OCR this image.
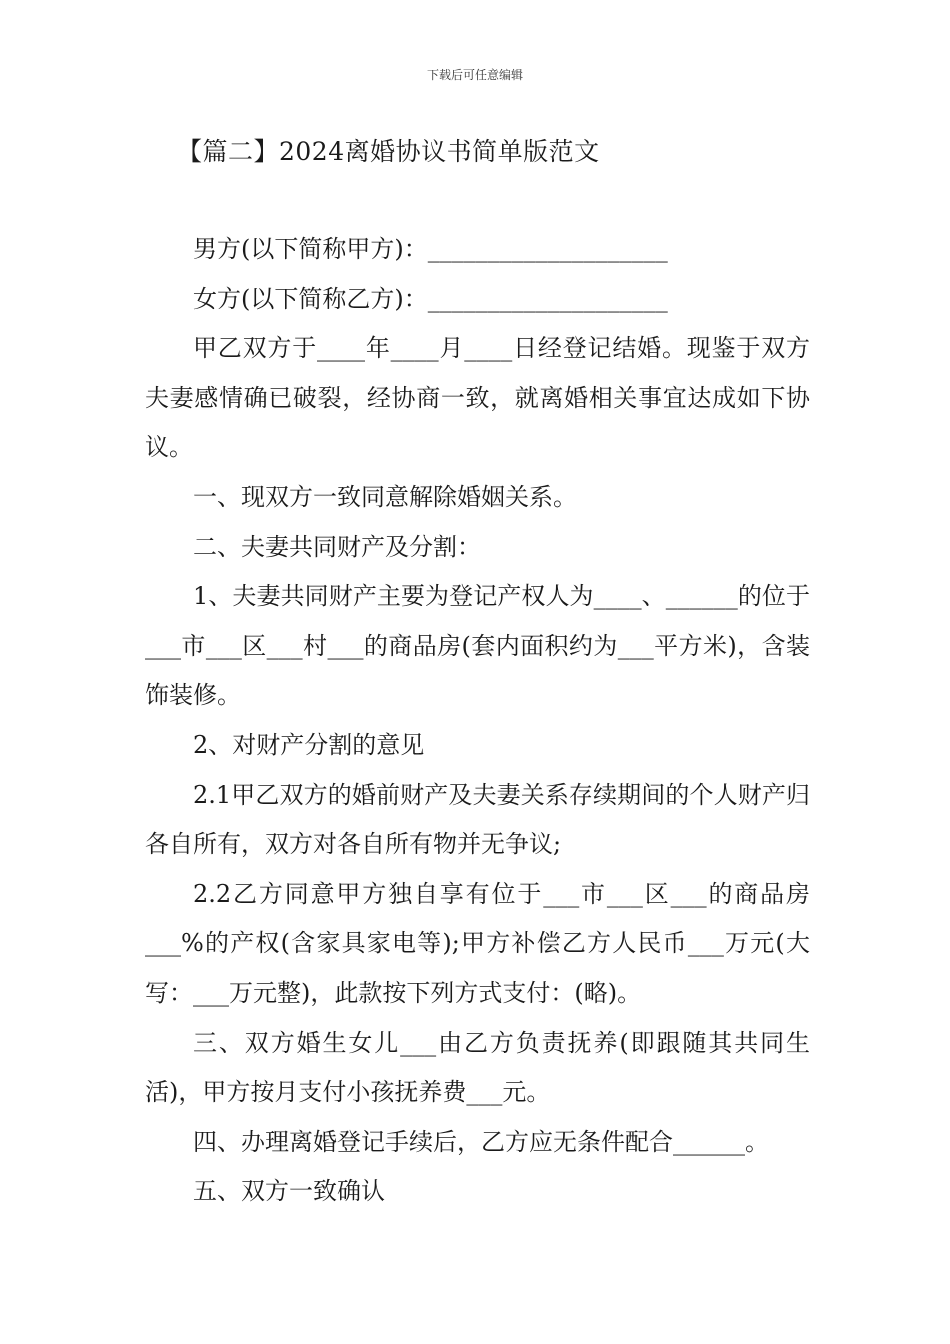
下载后可任意编辑
【篇二】2024离婚协议书简单版范文

男方(以下简称甲方)：____________________

女方(以下简称乙方)：____________________

甲乙双方于____年____月____日经登记结婚。现鉴于双方夫妻感情确已破裂，经协商一致，就离婚相关事宜达成如下协议。

一、现双方一致同意解除婚姻关系。

二、夫妻共同财产及分割：

1、夫妻共同财产主要为登记产权人为____、______的位于___市___区___村___的商品房(套内面积约为___平方米)，含装饰装修。

2、对财产分割的意见

2.1甲乙双方的婚前财产及夫妻关系存续期间的个人财产归各自所有，双方对各自所有物并无争议;

2.2乙方同意甲方独自享有位于___市___区___的商品房___%的产权(含家具家电等);甲方补偿乙方人民币___万元(大写：___万元整)，此款按下列方式支付：(略)。

三、双方婚生女儿___由乙方负责抚养(即跟随其共同生活)，甲方按月支付小孩抚养费___元。

四、办理离婚登记手续后，乙方应无条件配合______。

五、双方一致确认
